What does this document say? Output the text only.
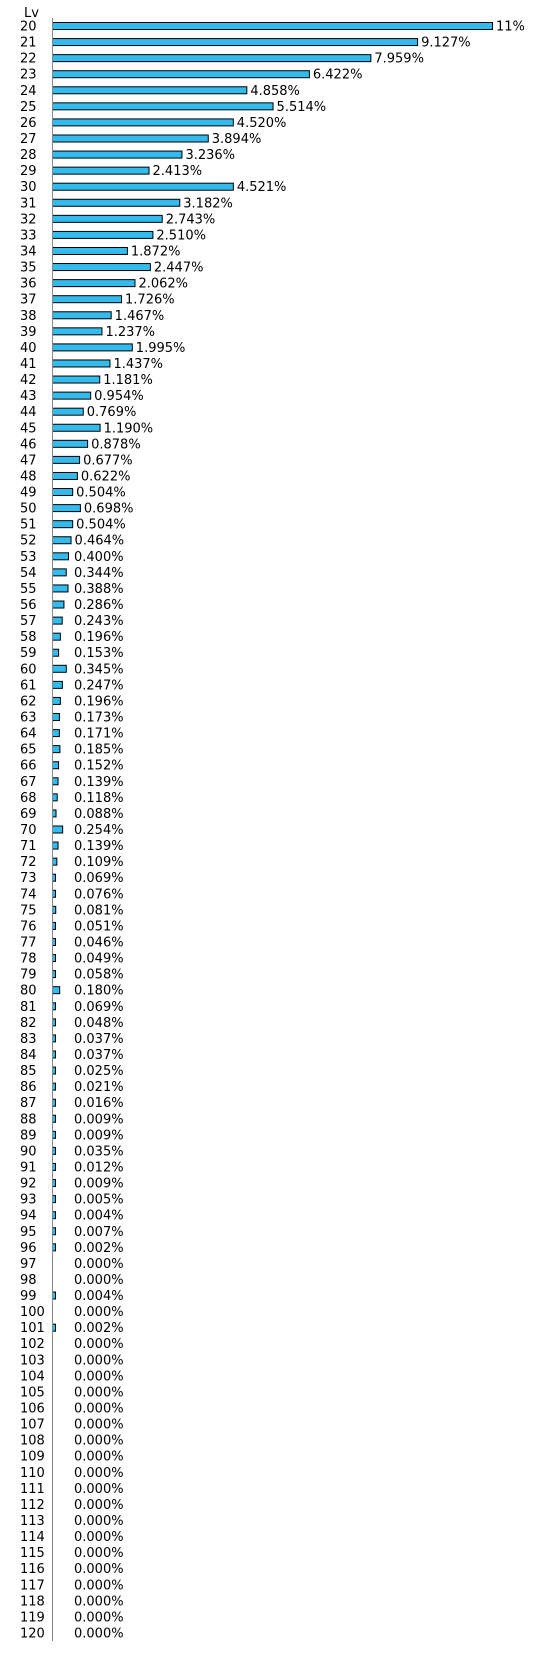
Lv
20	11%
21	9.127%
22	7.959%
23	6.422%
24	4.858%
25	5.514%
26	4.520%
27	3.894%
28	3.236%
29	2.413%
30	4.521%
31	3.182%
32	2.743%
33	2.510%
34	1.872%
35	2.447%
36	2.062%
37	1.726%
38	1.467%
39	1.237%
40	1.995%
41	1.437%
42	1.181%
43	0.954%
44	0.769%
45	1.190%
46	0.878%
47	0.677%
48	0.622%
49	0.504%
50	0.698%
51	0.504%
52	0.464%
53	0.400%
54	0.344%
55	0.388%
56	0.286%
57	0.243%
58	0.196%
59	0.153%
60	0.345%
61	0.247%
62	0.196%
63	0.173%
64	0.171%
65	0.185%
66	0.152%
67	0.139%
68	0.118%
69	0.088%
70	0.254%
71	0.139%
72	0.109%
73	0.069%
74	0.076%
75	0.081%
76	0.051%
77	0.046%
78	0.049%
79	0.058%
80	0.180%
81	0.069%
82	0.048%
83	0.037%
84	0.037%
85	0.025%
86	0.021%
87	0.016%
88	0.009%
89	0.009%
90	0.035%
91	0.012%
92	0.009%
93	0.005%
94	0.004%
95	0.007%
96	0.002%
97	0.000%
98	0.000%
99	0.004%
100 0.000%
101 0.002%
102 0.000%
103 0.000%
104 0.000%
105 0.000%
106 0.000%
107 0.000%
108 0.000%
109 0.000%
110 0.000%
111 0.000%
112 0.000%
113 0.000%
114 0.000%
115 0.000%
116 0.000%
117 0.000%
118 0.000%
119 0.000%
120 0.000%
